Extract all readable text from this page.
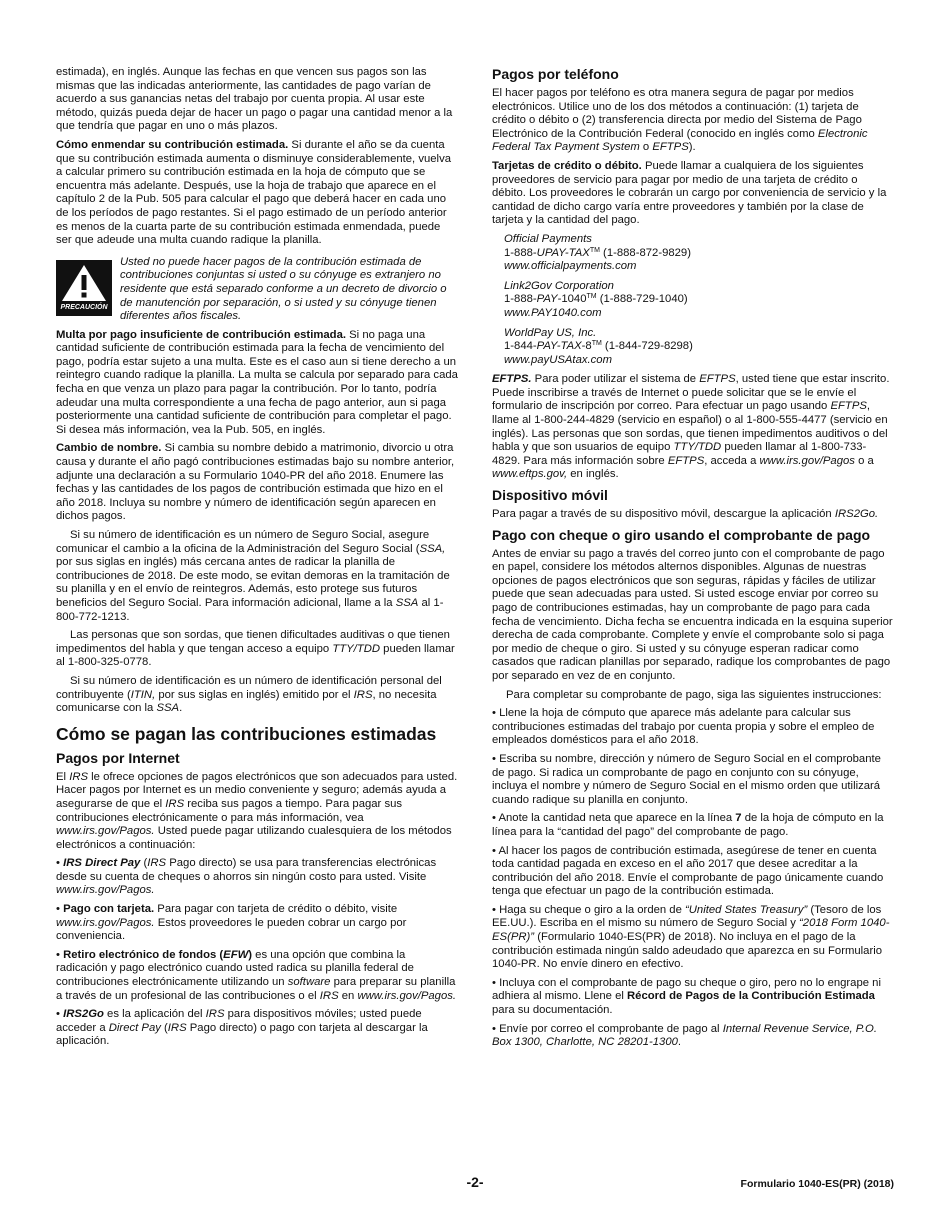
estimada), en inglés. Aunque las fechas en que vencen sus pagos son las mismas que las indicadas anteriormente, las cantidades de pago varían de acuerdo a sus ganancias netas del trabajo por cuenta propia. Al usar este método, quizás pueda dejar de hacer un pago o pagar una cantidad menor a la que tendría que pagar en uno o más plazos.

Cómo enmendar su contribución estimada. Si durante el año se da cuenta que su contribución estimada aumenta o disminuye considerablemente, vuelva a calcular primero su contribución estimada en la hoja de cómputo que se encuentra más adelante. Después, use la hoja de trabajo que aparece en el capítulo 2 de la Pub. 505 para calcular el pago que deberá hacer en cada uno de los períodos de pago restantes. Si el pago estimado de un período anterior es menos de la cuarta parte de su contribución estimada enmendada, puede ser que adeude una multa cuando radique la planilla.

PRECAUCIÓN
Usted no puede hacer pagos de la contribución estimada de contribuciones conjuntas si usted o su cónyuge es extranjero no residente que está separado conforme a un decreto de divorcio o de manutención por separación, o si usted y su cónyuge tienen diferentes años fiscales.

Multa por pago insuficiente de contribución estimada. Si no paga una cantidad suficiente de contribución estimada para la fecha de vencimiento del pago, podría estar sujeto a una multa. Este es el caso aun si tiene derecho a un reintegro cuando radique la planilla. La multa se calcula por separado para cada fecha en que venza un plazo para pagar la contribución. Por lo tanto, podría adeudar una multa correspondiente a una fecha de pago anterior, aun si paga posteriormente una cantidad suficiente de contribución para completar el pago. Si desea más información, vea la Pub. 505, en inglés.

Cambio de nombre. Si cambia su nombre debido a matrimonio, divorcio u otra causa y durante el año pagó contribuciones estimadas bajo su nombre anterior, adjunte una declaración a su Formulario 1040-PR del año 2018. Enumere las fechas y las cantidades de los pagos de contribución estimada que hizo en el año 2018. Incluya su nombre y número de identificación según aparecen en dichos pagos.

Si su número de identificación es un número de Seguro Social, asegure comunicar el cambio a la oficina de la Administración del Seguro Social (SSA, por sus siglas en inglés) más cercana antes de radicar la planilla de contribuciones de 2018. De este modo, se evitan demoras en la tramitación de su planilla y en el envío de reintegros. Además, esto protege sus futuros beneficios del Seguro Social. Para información adicional, llame a la SSA al 1-800-772-1213.

Las personas que son sordas, que tienen dificultades auditivas o que tienen impedimentos del habla y que tengan acceso a equipo TTY/TDD pueden llamar al 1-800-325-0778.

Si su número de identificación es un número de identificación personal del contribuyente (ITIN, por sus siglas en inglés) emitido por el IRS, no necesita comunicarse con la SSA.

Cómo se pagan las contribuciones estimadas
Pagos por Internet

El IRS le ofrece opciones de pagos electrónicos que son adecuados para usted. Hacer pagos por Internet es un medio conveniente y seguro; además ayuda a asegurarse de que el IRS reciba sus pagos a tiempo. Para pagar sus contribuciones electrónicamente o para más información, vea www.irs.gov/Pagos. Usted puede pagar utilizando cualesquiera de los métodos electrónicos a continuación:

• IRS Direct Pay (IRS Pago directo) se usa para transferencias electrónicas desde su cuenta de cheques o ahorros sin ningún costo para usted. Visite www.irs.gov/Pagos.

• Pago con tarjeta. Para pagar con tarjeta de crédito o débito, visite www.irs.gov/Pagos. Estos proveedores le pueden cobrar un cargo por conveniencia.

• Retiro electrónico de fondos (EFW) es una opción que combina la radicación y pago electrónico cuando usted radica su planilla federal de contribuciones electrónicamente utilizando un software para preparar su planilla a través de un profesional de las contribuciones o el IRS en www.irs.gov/Pagos.

• IRS2Go es la aplicación del IRS para dispositivos móviles; usted puede acceder a Direct Pay (IRS Pago directo) o pago con tarjeta al descargar la aplicación.

Pagos por teléfono

El hacer pagos por teléfono es otra manera segura de pagar por medios electrónicos. Utilice uno de los dos métodos a continuación: (1) tarjeta de crédito o débito o (2) transferencia directa por medio del Sistema de Pago Electrónico de la Contribución Federal (conocido en inglés como Electronic Federal Tax Payment System o EFTPS).

Tarjetas de crédito o débito. Puede llamar a cualquiera de los siguientes proveedores de servicio para pagar por medio de una tarjeta de crédito o débito. Los proveedores le cobrarán un cargo por conveniencia de servicio y la cantidad de dicho cargo varía entre proveedores y también por la clase de tarjeta y la cantidad del pago.

Official Payments
1-888-UPAY-TAX™ (1-888-872-9829)
www.officialpayments.com
Link2Gov Corporation
1-888-PAY-1040™ (1-888-729-1040)
www.PAY1040.com
WorldPay US, Inc.
1-844-PAY-TAX-8™ (1-844-729-8298)
www.payUSAtax.com

EFTPS. Para poder utilizar el sistema de EFTPS, usted tiene que estar inscrito. Puede inscribirse a través de Internet o puede solicitar que se le envíe el formulario de inscripción por correo. Para efectuar un pago usando EFTPS, llame al 1-800-244-4829 (servicio en español) o al 1-800-555-4477 (servicio en inglés). Las personas que son sordas, que tienen impedimentos auditivos o del habla y que son usuarios de equipo TTY/TDD pueden llamar al 1-800-733-4829. Para más información sobre EFTPS, acceda a www.irs.gov/Pagos o a www.eftps.gov, en inglés.

Dispositivo móvil

Para pagar a través de su dispositivo móvil, descargue la aplicación IRS2Go.

Pago con cheque o giro usando el comprobante de pago

Antes de enviar su pago a través del correo junto con el comprobante de pago en papel, considere los métodos alternos disponibles. Algunas de nuestras opciones de pagos electrónicos que son seguras, rápidas y fáciles de utilizar puede que sean adecuadas para usted. Si usted escoge enviar por correo su pago de contribuciones estimadas, hay un comprobante de pago para cada fecha de vencimiento. Dicha fecha se encuentra indicada en la esquina superior derecha de cada comprobante. Complete y envíe el comprobante solo si paga por medio de cheque o giro. Si usted y su cónyuge esperan radicar como casados que radican planillas por separado, radique los comprobantes de pago por separado en vez de en conjunto.

Para completar su comprobante de pago, siga las siguientes instrucciones:

• Llene la hoja de cómputo que aparece más adelante para calcular sus contribuciones estimadas del trabajo por cuenta propia y sobre el empleo de empleados domésticos para el año 2018.

• Escriba su nombre, dirección y número de Seguro Social en el comprobante de pago. Si radica un comprobante de pago en conjunto con su cónyuge, incluya el nombre y número de Seguro Social en el mismo orden que utilizará cuando radique su planilla en conjunto.

• Anote la cantidad neta que aparece en la línea 7 de la hoja de cómputo en la línea para la “cantidad del pago” del comprobante de pago.

• Al hacer los pagos de contribución estimada, asegúrese de tener en cuenta toda cantidad pagada en exceso en el año 2017 que desee acreditar a la contribución del año 2018. Envíe el comprobante de pago únicamente cuando tenga que efectuar un pago de la contribución estimada.

• Haga su cheque o giro a la orden de “United States Treasury” (Tesoro de los EE.UU.). Escriba en el mismo su número de Seguro Social y “2018 Form 1040-ES(PR)” (Formulario 1040-ES(PR) de 2018). No incluya en el pago de la contribución estimada ningún saldo adeudado que aparezca en su Formulario 1040-PR. No envíe dinero en efectivo.

• Incluya con el comprobante de pago su cheque o giro, pero no lo engrape ni adhiera al mismo. Llene el Récord de Pagos de la Contribución Estimada para su documentación.

• Envíe por correo el comprobante de pago al Internal Revenue Service, P.O. Box 1300, Charlotte, NC 28201-1300.

-2-	Formulario 1040-ES(PR) (2018)
